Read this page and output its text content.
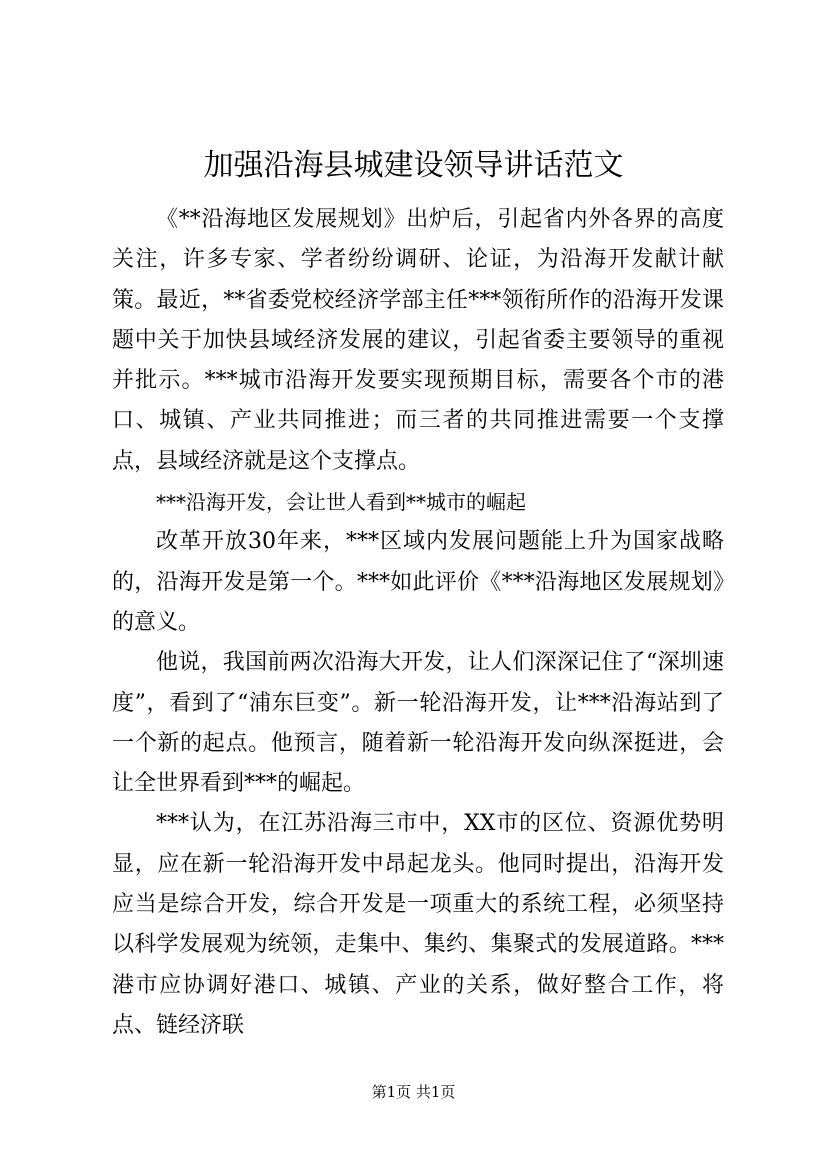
加强沿海县城建设领导讲话范文

《**沿海地区发展规划》出炉后，引起省内外各界的高度关注，许多专家、学者纷纷调研、论证，为沿海开发献计献策。最近，**省委党校经济学部主任***领衔所作的沿海开发课题中关于加快县域经济发展的建议，引起省委主要领导的重视并批示。***城市沿海开发要实现预期目标，需要各个市的港口、城镇、产业共同推进；而三者的共同推进需要一个支撑点，县域经济就是这个支撑点。

***沿海开发，会让世人看到**城市的崛起

改革开放30年来，***区域内发展问题能上升为国家战略的，沿海开发是第一个。***如此评价《***沿海地区发展规划》的意义。

他说，我国前两次沿海大开发，让人们深深记住了“深圳速度”，看到了“浦东巨变”。新一轮沿海开发，让***沿海站到了一个新的起点。他预言，随着新一轮沿海开发向纵深挺进，会让全世界看到***的崛起。

***认为，在江苏沿海三市中，XX市的区位、资源优势明显，应在新一轮沿海开发中昂起龙头。他同时提出，沿海开发应当是综合开发，综合开发是一项重大的系统工程，必须坚持以科学发展观为统领，走集中、集约、集聚式的发展道路。***港市应协调好港口、城镇、产业的关系，做好整合工作，将点、链经济联

第1页 共1页
